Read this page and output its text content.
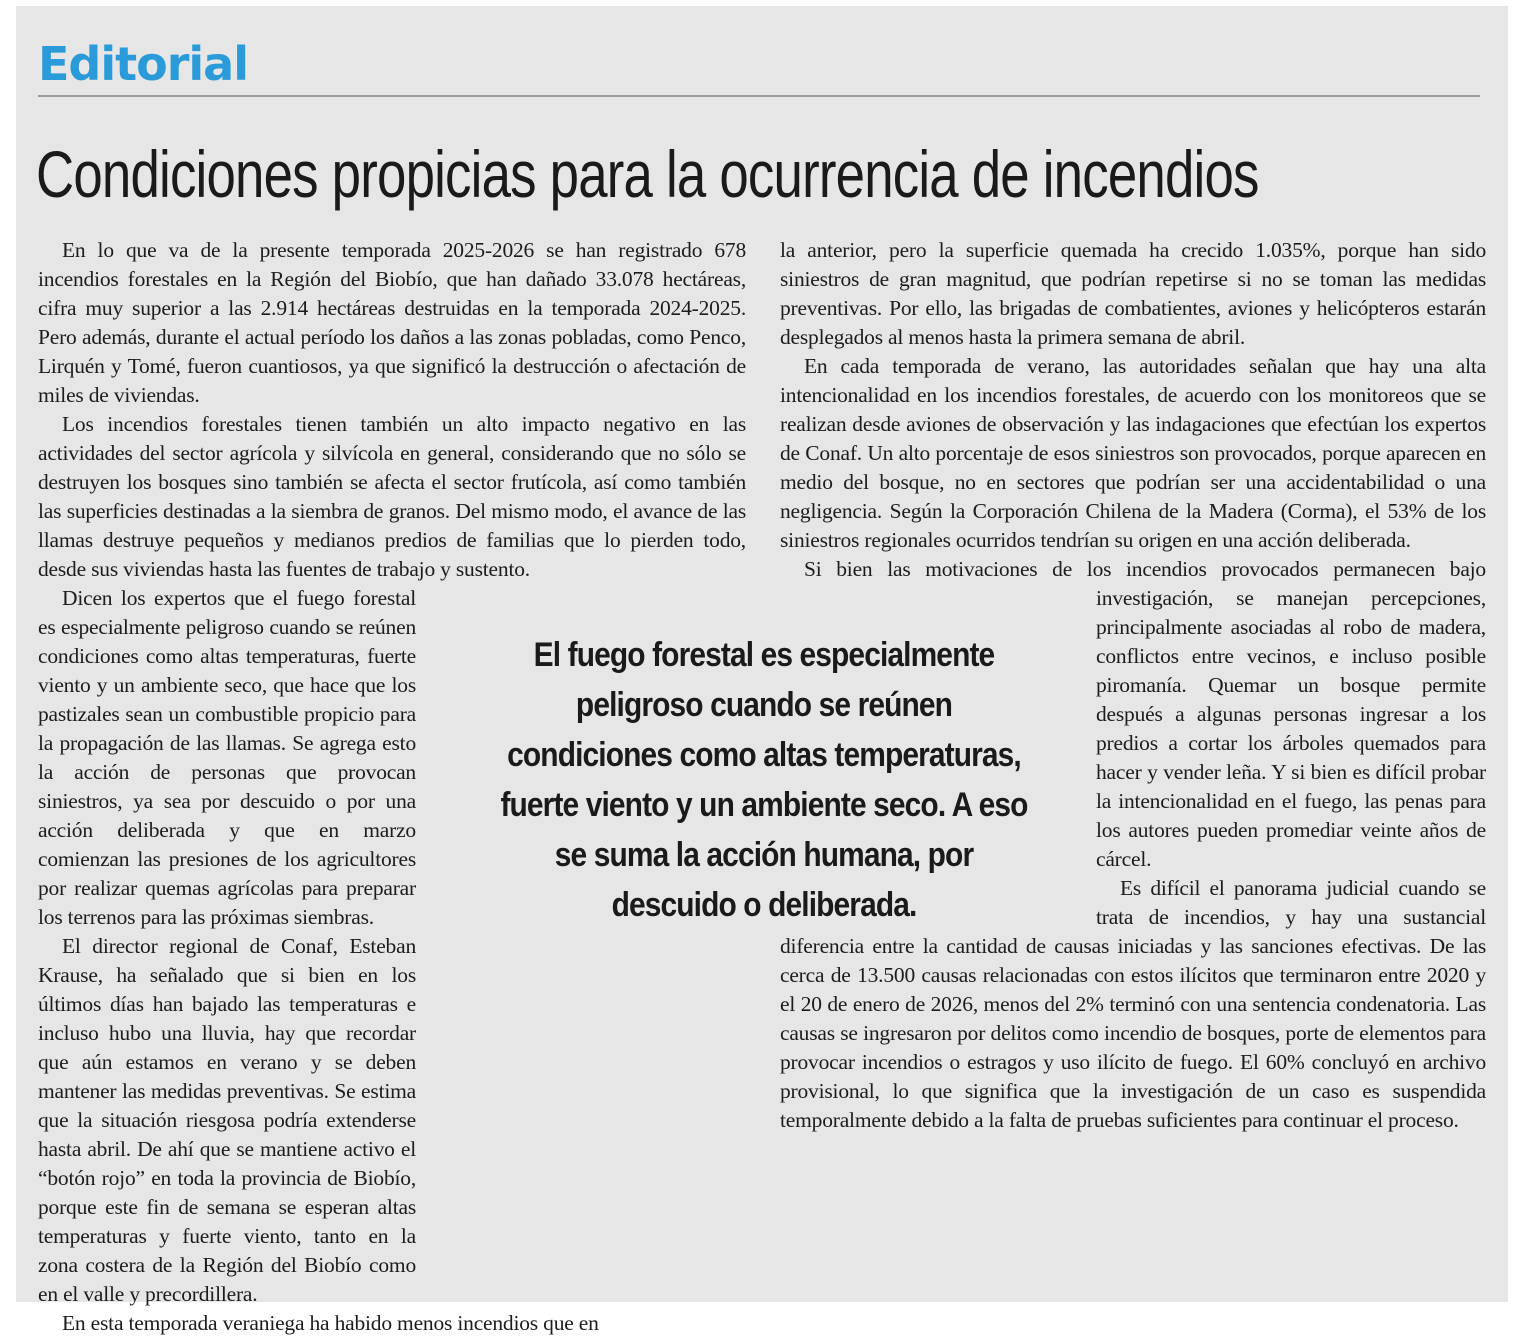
Editorial
Condiciones propicias para la ocurrencia de incendios

En lo que va de la presente temporada 2025-2026 se han registrado 678 incendios forestales en la Región del Biobío, que han dañado 33.078 hectáreas, cifra muy superior a las 2.914 hectáreas destruidas en la temporada 2024-2025. Pero además, durante el actual período los daños a las zonas pobladas, como Penco, Lirquén y Tomé, fueron cuantiosos, ya que significó la destrucción o afectación de miles de viviendas.

Los incendios forestales tienen también un alto impacto negativo en las actividades del sector agrícola y silvícola en general, considerando que no sólo se destruyen los bosques sino también se afecta el sector frutícola, así como también las superficies destinadas a la siembra de granos. Del mismo modo, el avance de las llamas destruye pequeños y medianos predios de familias que lo pierden todo, desde sus viviendas hasta las fuentes de trabajo y sustento.

Dicen los expertos que el fuego forestal es especialmente peligroso cuando se reúnen condiciones como altas temperaturas, fuerte viento y un ambiente seco, que hace que los pastizales sean un combustible propicio para la propagación de las llamas. Se agrega esto la acción de personas que provocan siniestros, ya sea por descuido o por una acción deliberada y que en marzo comienzan las presiones de los agricultores por realizar quemas agrícolas para preparar los terrenos para las próximas siembras.

El director regional de Conaf, Esteban Krause, ha señalado que si bien en los últimos días han bajado las temperaturas e incluso hubo una lluvia, hay que recordar que aún estamos en verano y se deben mantener las medidas preventivas. Se estima que la situación riesgosa podría extenderse hasta abril. De ahí que se mantiene activo el “botón rojo” en toda la provincia de Biobío, porque este fin de semana se esperan altas temperaturas y fuerte viento, tanto en la zona costera de la Región del Biobío como en el valle y precordillera.

En esta temporada veraniega ha habido menos incendios que en

la anterior, pero la superficie quemada ha crecido 1.035%, porque han sido siniestros de gran magnitud, que podrían repetirse si no se toman las medidas preventivas. Por ello, las brigadas de combatientes, aviones y helicópteros estarán desplegados al menos hasta la primera semana de abril.

En cada temporada de verano, las autoridades señalan que hay una alta intencionalidad en los incendios forestales, de acuerdo con los monitoreos que se realizan desde aviones de observación y las indagaciones que efectúan los expertos de Conaf. Un alto porcentaje de esos siniestros son provocados, porque aparecen en medio del bosque, no en sectores que podrían ser una accidentabilidad o una negligencia. Según la Corporación Chilena de la Madera (Corma), el 53% de los siniestros regionales ocurridos tendrían su origen en una acción deliberada.

Si bien las motivaciones de los incendios provocados permanecen bajo investigación, se manejan percepciones, principalmente asociadas al robo de madera, conflictos entre vecinos, e incluso posible piromanía. Quemar un bosque permite después a algunas personas ingresar a los predios a cortar los árboles quemados para hacer y vender leña. Y si bien es difícil probar la intencionalidad en el fuego, las penas para los autores pueden promediar veinte años de cárcel.

Es difícil el panorama judicial cuando se trata de incendios, y hay una sustancial diferencia entre la cantidad de causas iniciadas y las sanciones efectivas. De las cerca de 13.500 causas relacionadas con estos ilícitos que terminaron entre 2020 y el 20 de enero de 2026, menos del 2% terminó con una sentencia condenatoria. Las causas se ingresaron por delitos como incendio de bosques, porte de elementos para provocar incendios o estragos y uso ilícito de fuego. El 60% concluyó en archivo provisional, lo que significa que la investigación de un caso es suspendida temporalmente debido a la falta de pruebas suficientes para continuar el proceso.

El fuego forestal es especialmente peligroso cuando se reúnen condiciones como altas temperaturas, fuerte viento y un ambiente seco. A eso se suma la acción humana, por descuido o deliberada.
